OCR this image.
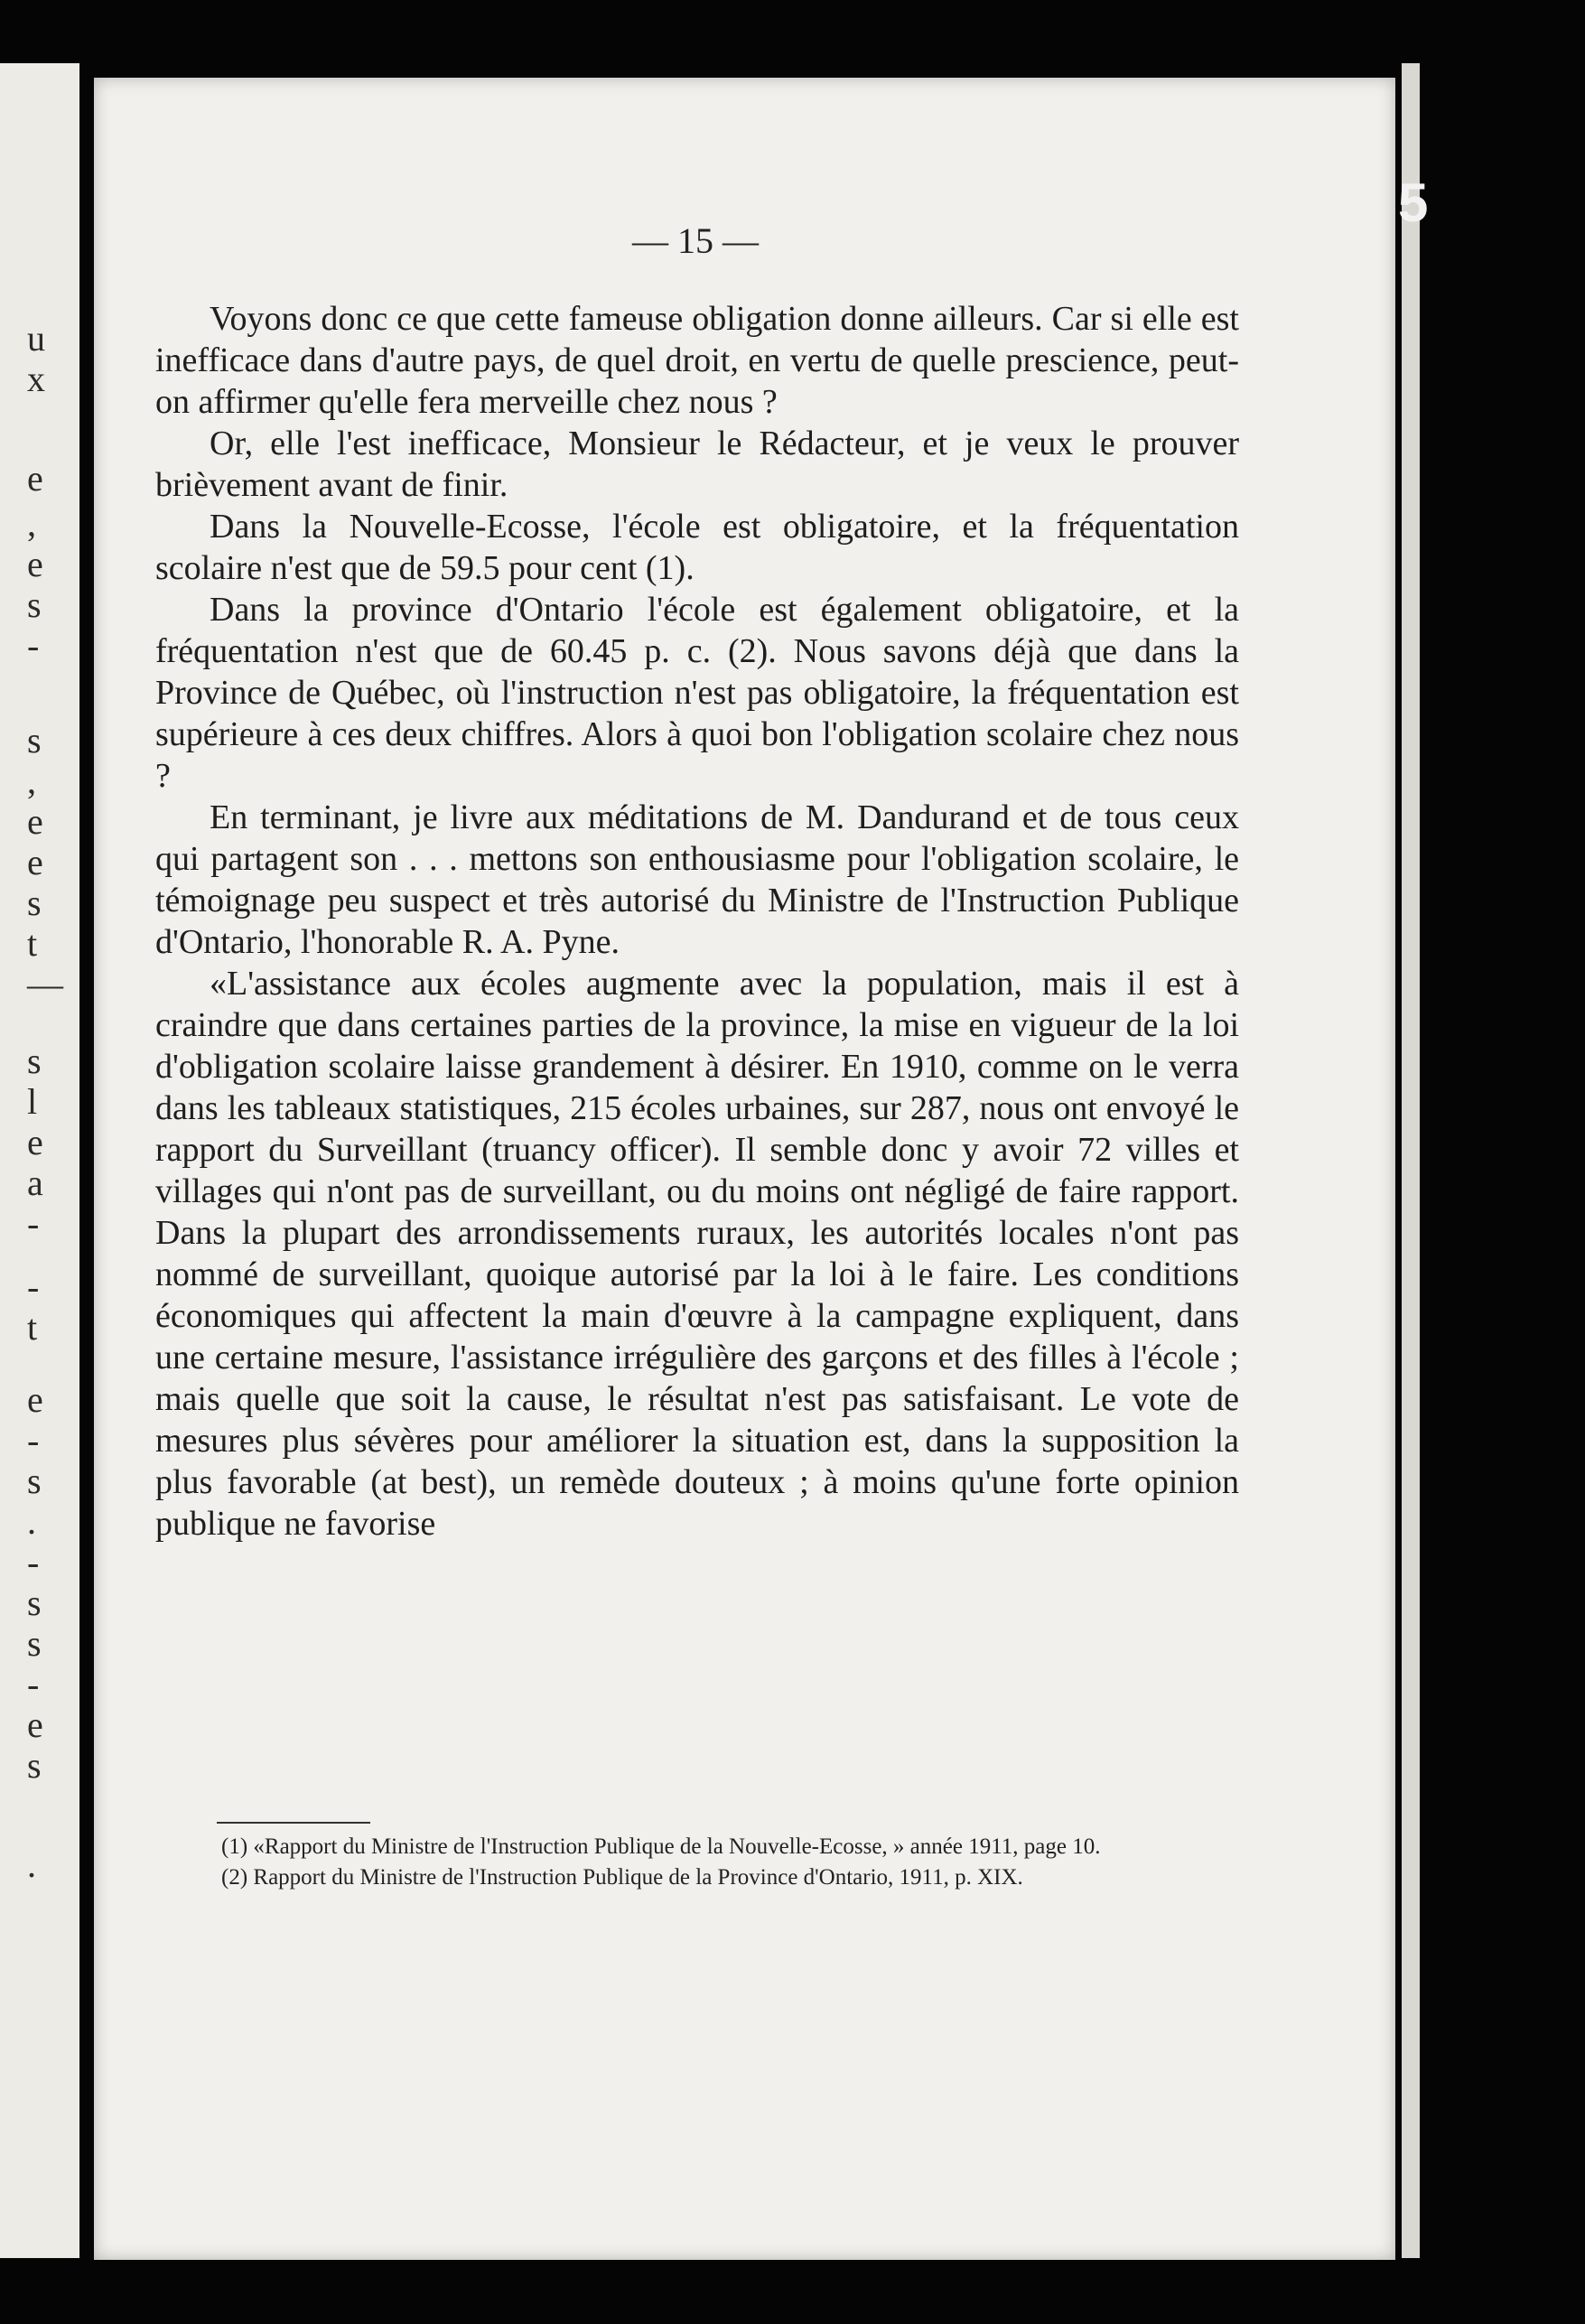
u
x
e
,
e
s
-
s
,
e
e
s
t
—
s
l
e
a
-
-
t
e
-
s
.
-
s
s
-
e
s
.
5
— 15 —

Voyons donc ce que cette fameuse obligation donne ailleurs. Car si elle est inefficace dans d'autre pays, de quel droit, en vertu de quelle prescience, peut-on affirmer qu'elle fera merveille chez nous ?

Or, elle l'est inefficace, Monsieur le Rédacteur, et je veux le prouver brièvement avant de finir.

Dans la Nouvelle-Ecosse, l'école est obligatoire, et la fréquentation scolaire n'est que de 59.5 pour cent (1).

Dans la province d'Ontario l'école est également obligatoire, et la fréquentation n'est que de 60.45 p. c. (2). Nous savons déjà que dans la Province de Québec, où l'instruction n'est pas obligatoire, la fréquentation est supérieure à ces deux chiffres. Alors à quoi bon l'obligation scolaire chez nous ?

En terminant, je livre aux méditations de M. Dandurand et de tous ceux qui partagent son . . . mettons son enthousiasme pour l'obligation scolaire, le témoignage peu suspect et très autorisé du Ministre de l'Instruction Publique d'Ontario, l'honorable R. A. Pyne.

«L'assistance aux écoles augmente avec la population, mais il est à craindre que dans certaines parties de la province, la mise en vigueur de la loi d'obligation scolaire laisse grandement à désirer. En 1910, comme on le verra dans les tableaux statistiques, 215 écoles urbaines, sur 287, nous ont envoyé le rapport du Surveillant (truancy officer). Il semble donc y avoir 72 villes et villages qui n'ont pas de surveillant, ou du moins ont négligé de faire rapport. Dans la plupart des arrondissements ruraux, les autorités locales n'ont pas nommé de surveillant, quoique autorisé par la loi à le faire. Les conditions économiques qui affectent la main d'œuvre à la campagne expliquent, dans une certaine mesure, l'assistance irrégulière des garçons et des filles à l'école ; mais quelle que soit la cause, le résultat n'est pas satisfaisant. Le vote de mesures plus sévères pour améliorer la situation est, dans la supposition la plus favorable (at best), un remède douteux ; à moins qu'une forte opinion publique ne favorise

(1) «Rapport du Ministre de l'Instruction Publique de la Nouvelle-Ecosse, » année 1911, page 10.

(2) Rapport du Ministre de l'Instruction Publique de la Province d'Ontario, 1911, p. XIX.
